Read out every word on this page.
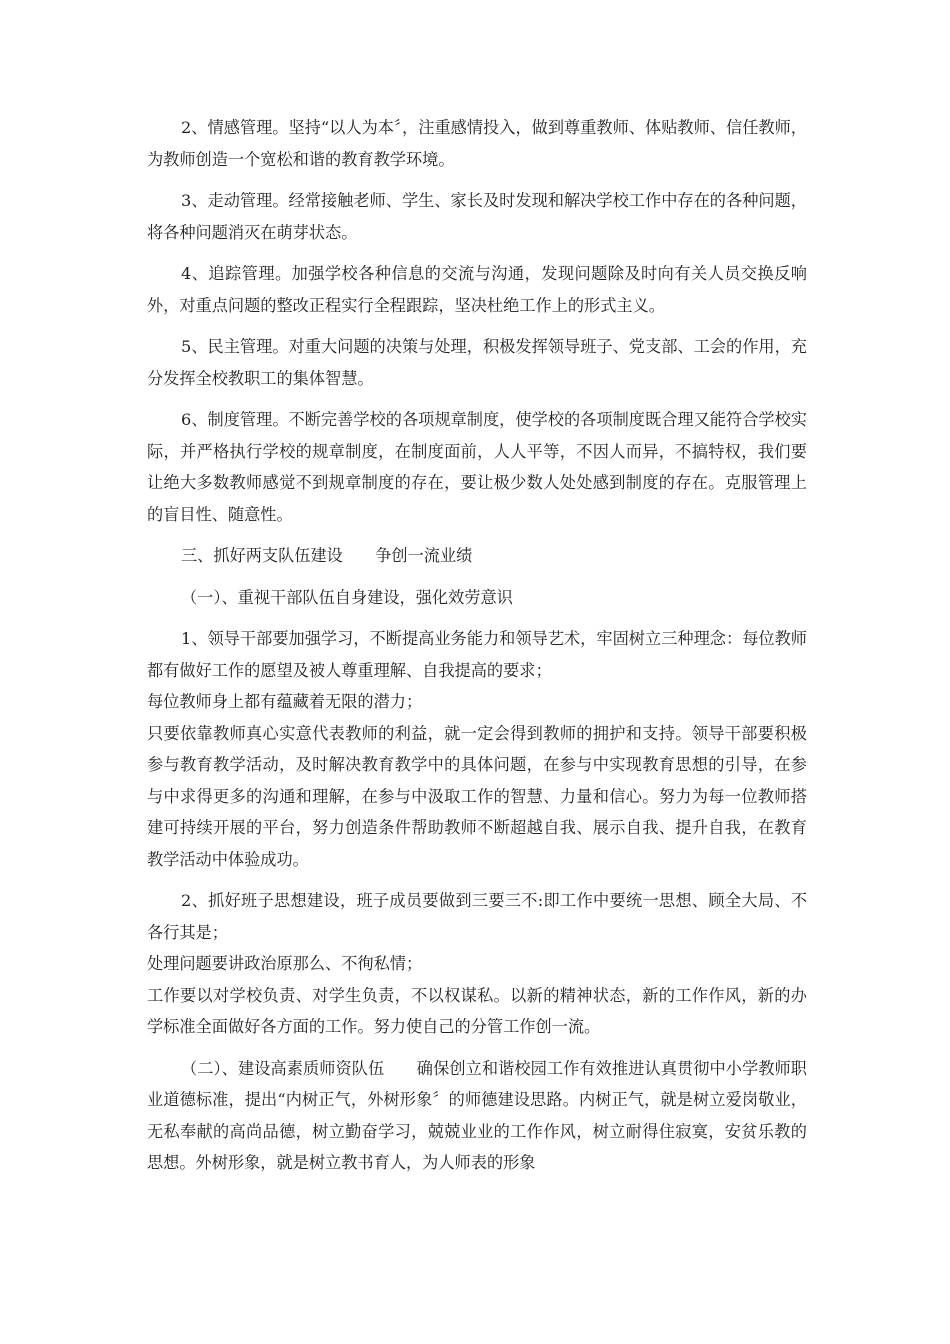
2、情感管理。坚持“以人为本〞，注重感情投入，做到尊重教师、体贴教师、信任教师，为教师创造一个宽松和谐的教育教学环境。

3、走动管理。经常接触老师、学生、家长及时发现和解决学校工作中存在的各种问题，将各种问题消灭在萌芽状态。

4、追踪管理。加强学校各种信息的交流与沟通，发现问题除及时向有关人员交换反响外，对重点问题的整改正程实行全程跟踪，坚决杜绝工作上的形式主义。

5、民主管理。对重大问题的决策与处理，积极发挥领导班子、党支部、工会的作用，充分发挥全校教职工的集体智慧。

6、制度管理。不断完善学校的各项规章制度，使学校的各项制度既合理又能符合学校实际，并严格执行学校的规章制度，在制度面前，人人平等，不因人而异，不搞特权，我们要让绝大多数教师感觉不到规章制度的存在，要让极少数人处处感到制度的存在。克服管理上的盲目性、随意性。

三、抓好两支队伍建设　　争创一流业绩

（一）、重视干部队伍自身建设，强化效劳意识

1、领导干部要加强学习，不断提高业务能力和领导艺术，牢固树立三种理念：每位教师都有做好工作的愿望及被人尊重理解、自我提高的要求；

每位教师身上都有蕴藏着无限的潜力；

只要依靠教师真心实意代表教师的利益，就一定会得到教师的拥护和支持。领导干部要积极参与教育教学活动，及时解决教育教学中的具体问题，在参与中实现教育思想的引导，在参与中求得更多的沟通和理解，在参与中汲取工作的智慧、力量和信心。努力为每一位教师搭建可持续开展的平台，努力创造条件帮助教师不断超越自我、展示自我、提升自我，在教育教学活动中体验成功。

2、抓好班子思想建设，班子成员要做到三要三不:即工作中要统一思想、顾全大局、不各行其是；

处理问题要讲政治原那么、不徇私情；

工作要以对学校负责、对学生负责，不以权谋私。以新的精神状态，新的工作作风，新的办学标准全面做好各方面的工作。努力使自己的分管工作创一流。

（二）、建设高素质师资队伍　　确保创立和谐校园工作有效推进认真贯彻中小学教师职业道德标准，提出“内树正气，外树形象〞的师德建设思路。内树正气，就是树立爱岗敬业，无私奉献的高尚品德，树立勤奋学习，兢兢业业的工作作风，树立耐得住寂寞，安贫乐教的思想。外树形象，就是树立教书育人，为人师表的形象
